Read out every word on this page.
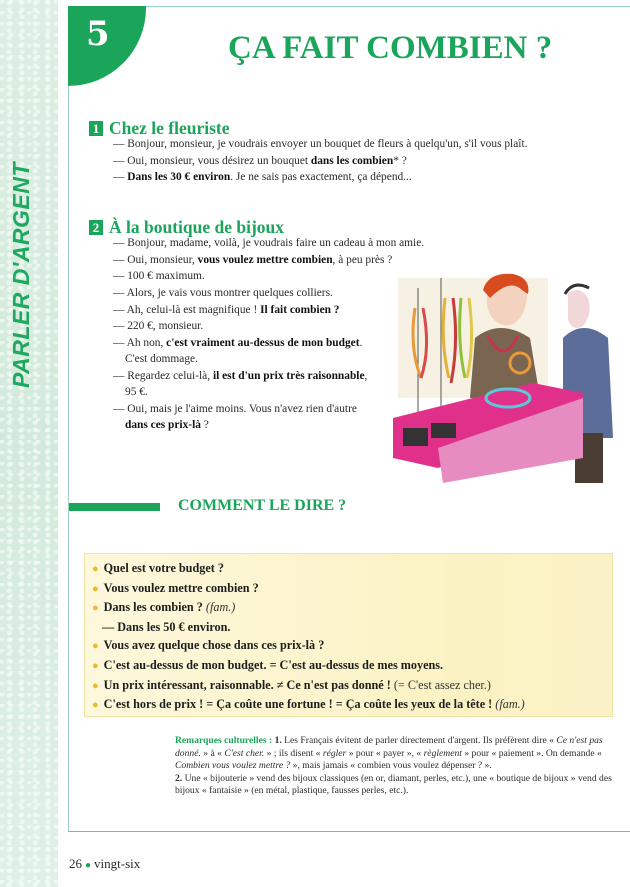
PARLER D'ARGENT
5	ÇA FAIT COMBIEN ?
1 Chez le fleuriste
— Bonjour, monsieur, je voudrais envoyer un bouquet de fleurs à quelqu'un, s'il vous plaît.
— Oui, monsieur, vous désirez un bouquet dans les combien* ?
— Dans les 30 € environ. Je ne sais pas exactement, ça dépend...
2 À la boutique de bijoux
— Bonjour, madame, voilà, je voudrais faire un cadeau à mon amie.
— Oui, monsieur, vous voulez mettre combien, à peu près ?
— 100 € maximum.
— Alors, je vais vous montrer quelques colliers.
— Ah, celui-là est magnifique ! Il fait combien ?
— 220 €, monsieur.
— Ah non, c'est vraiment au-dessus de mon budget. C'est dommage.
— Regardez celui-là, il est d'un prix très raisonnable, 95 €.
— Oui, mais je l'aime moins. Vous n'avez rien d'autre dans ces prix-là ?
COMMENT LE DIRE ?
● Quel est votre budget ?
● Vous voulez mettre combien ?
● Dans les combien ? (fam.)
— Dans les 50 € environ.
● Vous avez quelque chose dans ces prix-là ?
● C'est au-dessus de mon budget. = C'est au-dessus de mes moyens.
● Un prix intéressant, raisonnable. ≠ Ce n'est pas donné ! (= C'est assez cher.)
● C'est hors de prix ! = Ça coûte une fortune ! = Ça coûte les yeux de la tête ! (fam.)
Remarques culturelles : 1. Les Français évitent de parler directement d'argent. Ils préfèrent dire « Ce n'est pas donné. » à « C'est cher. » ; ils disent « régler » pour « payer », « règlement » pour « paiement ». On demande « Combien vous voulez mettre ? », mais jamais « combien vous voulez dépenser ? ».
2. Une « bijouterie » vend des bijoux classiques (en or, diamant, perles, etc.), une « boutique de bijoux » vend des bijoux « fantaisie » (en métal, plastique, fausses perles, etc.).
26 ● vingt-six
